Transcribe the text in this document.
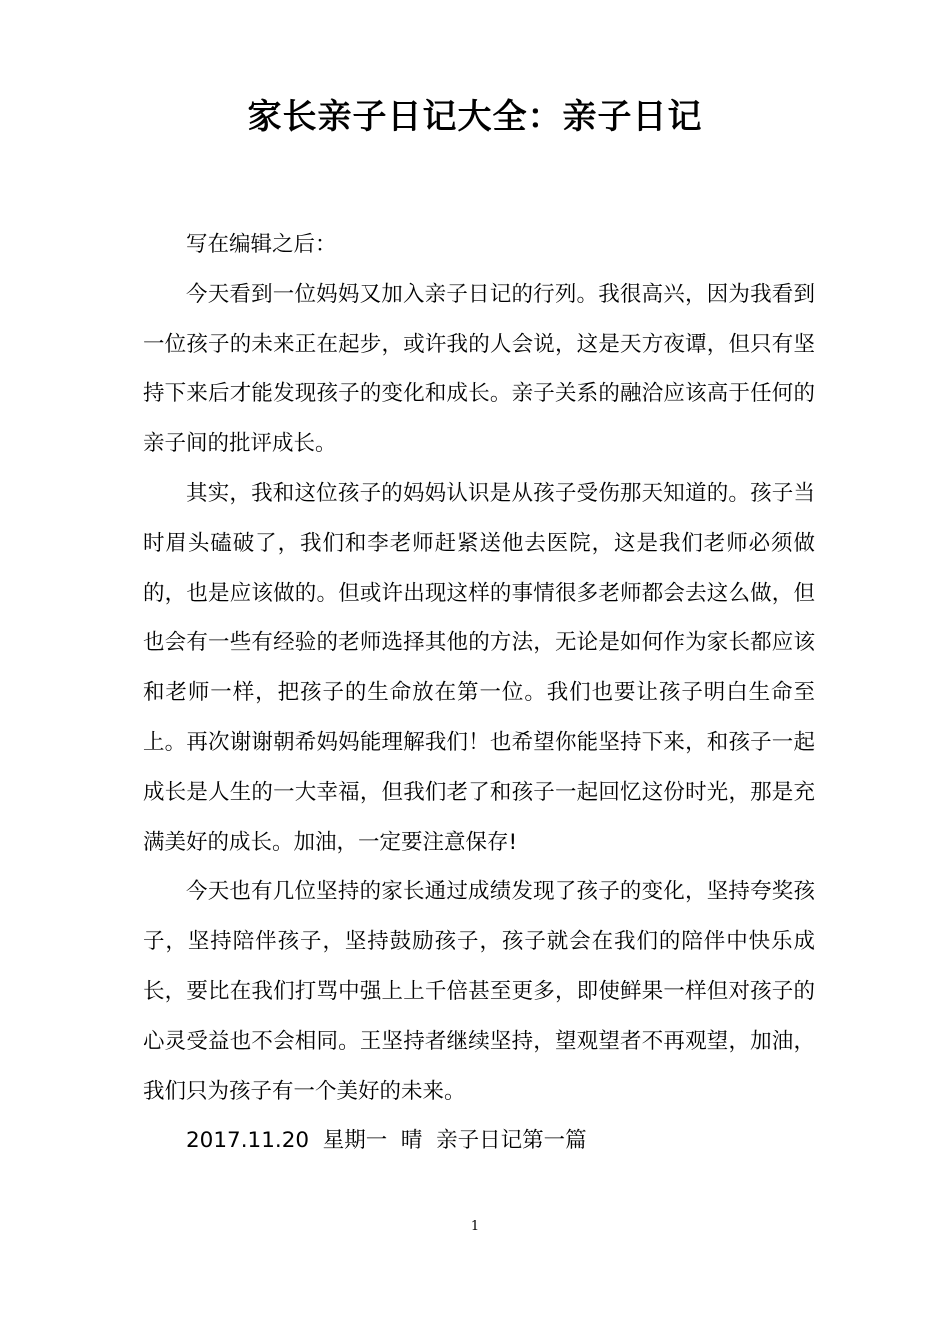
家长亲子日记大全：亲子日记

写在编辑之后：

今天看到一位妈妈又加入亲子日记的行列。我很高兴，因为我看到一位孩子的未来正在起步，或许我的人会说，这是天方夜谭，但只有坚持下来后才能发现孩子的变化和成长。亲子关系的融洽应该高于任何的亲子间的批评成长。

其实，我和这位孩子的妈妈认识是从孩子受伤那天知道的。孩子当时眉头磕破了，我们和李老师赶紧送他去医院，这是我们老师必须做的，也是应该做的。但或许出现这样的事情很多老师都会去这么做，但也会有一些有经验的老师选择其他的方法，无论是如何作为家长都应该和老师一样，把孩子的生命放在第一位。我们也要让孩子明白生命至上。再次谢谢朝希妈妈能理解我们！也希望你能坚持下来，和孩子一起成长是人生的一大幸福，但我们老了和孩子一起回忆这份时光，那是充满美好的成长。加油，一定要注意保存!

今天也有几位坚持的家长通过成绩发现了孩子的变化，坚持夸奖孩子，坚持陪伴孩子，坚持鼓励孩子，孩子就会在我们的陪伴中快乐成长，要比在我们打骂中强上上千倍甚至更多，即使鲜果一样但对孩子的心灵受益也不会相同。王坚持者继续坚持，望观望者不再观望，加油，我们只为孩子有一个美好的未来。

2017.11.20  星期一  晴  亲子日记第一篇

1
